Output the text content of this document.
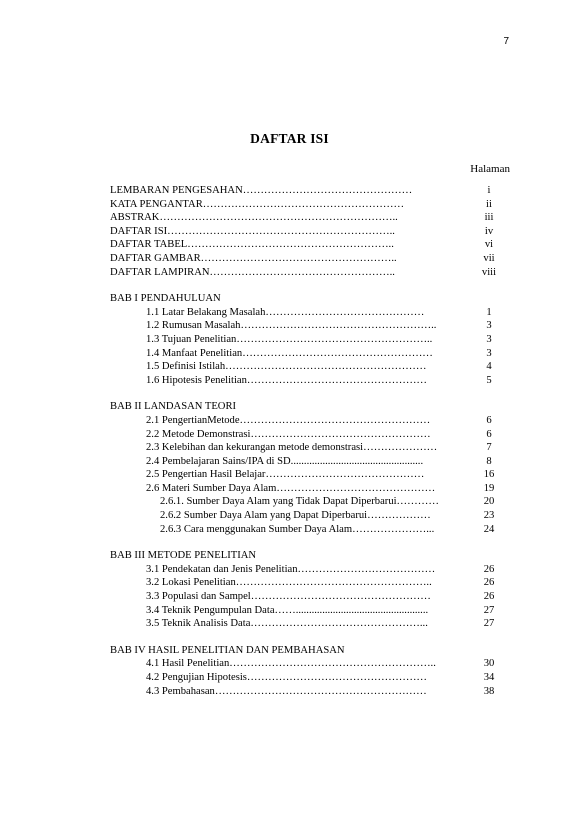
7
DAFTAR ISI
Halaman
LEMBARAN PENGESAHAN…………………………………………	i
KATA PENGANTAR…………………………………………………	ii
ABSTRAK…………………………………………………………..	iii
DAFTAR ISI………………………………………………………..	iv
DAFTAR TABEL…………………………………………………..	vi
DAFTAR GAMBAR………………………………………………..	vii
DAFTAR LAMPIRAN……………………………………………..	viii
BAB I PENDAHULUAN
1.1 Latar Belakang Masalah………………………………………	1
1.2 Rumusan Masalah………………………………………………..	3
1.3 Tujuan Penelitian………………………………………………..	3
1.4 Manfaat Penelitian………………………………………………	3
1.5 Definisi Istilah…………………………………………………	4
1.6 Hipotesis Penelitian……………………………………………	5
BAB II LANDASAN TEORI
2.1 PengertianMetode………………………………………………	6
2.2 Metode Demonstrasi……………………………………………	6
2.3 Kelebihan dan kekurangan metode demonstrasi…………………	7
2.4 Pembelajaran Sains/IPA di SD..................................................	8
2.5 Pengertian Hasil Belajar………………………………………	16
2.6 Materi Sumber Daya Alam………………………………………	19
2.6.1. Sumber Daya Alam yang Tidak Dapat Diperbarui…………	20
2.6.2 Sumber Daya Alam yang Dapat Diperbarui………………	23
2.6.3 Cara menggunakan Sumber Daya Alam…………………...	24
BAB III METODE PENELITIAN
3.1 Pendekatan dan Jenis Penelitian…………………………………	26
3.2 Lokasi Penelitian………………………………………………..	26
3.3 Populasi dan Sampel……………………………………………	26
3.4 Teknik Pengumpulan Data……..................................................	27
3.5 Teknik Analisis Data…………………………………………...	27
BAB IV HASIL PENELITIAN DAN PEMBAHASAN
4.1 Hasil Penelitian…………………………………………………..	30
4.2 Pengujian Hipotesis……………………………………………	34
4.3 Pembahasan……………………………………………………	38
